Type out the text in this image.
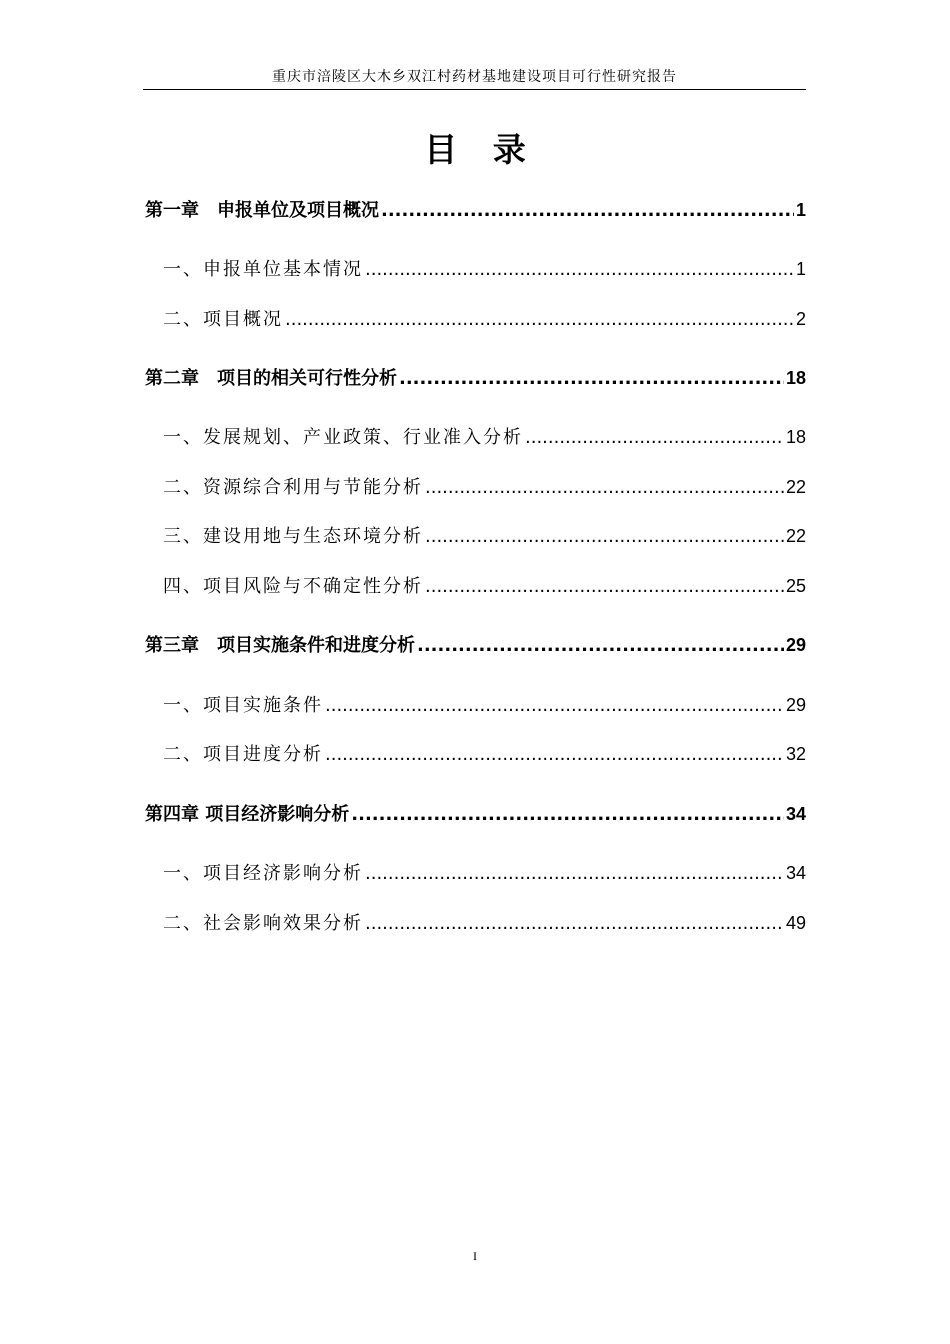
重庆市涪陵区大木乡双江村药材基地建设项目可行性研究报告
目 录
第一章　申报单位及项目概况 .....	1
一、申报单位基本情况 .....	1
二、项目概况 .....	2
第二章　项目的相关可行性分析 .....	18
一、发展规划、产业政策、行业准入分析 .....	18
二、资源综合利用与节能分析 .....	22
三、建设用地与生态环境分析 .....	22
四、项目风险与不确定性分析 .....	25
第三章　项目实施条件和进度分析 .....	29
一、项目实施条件 .....	29
二、项目进度分析 .....	32
第四章 项目经济影响分析 .....	34
一、项目经济影响分析 .....	34
二、社会影响效果分析 .....	49
I
